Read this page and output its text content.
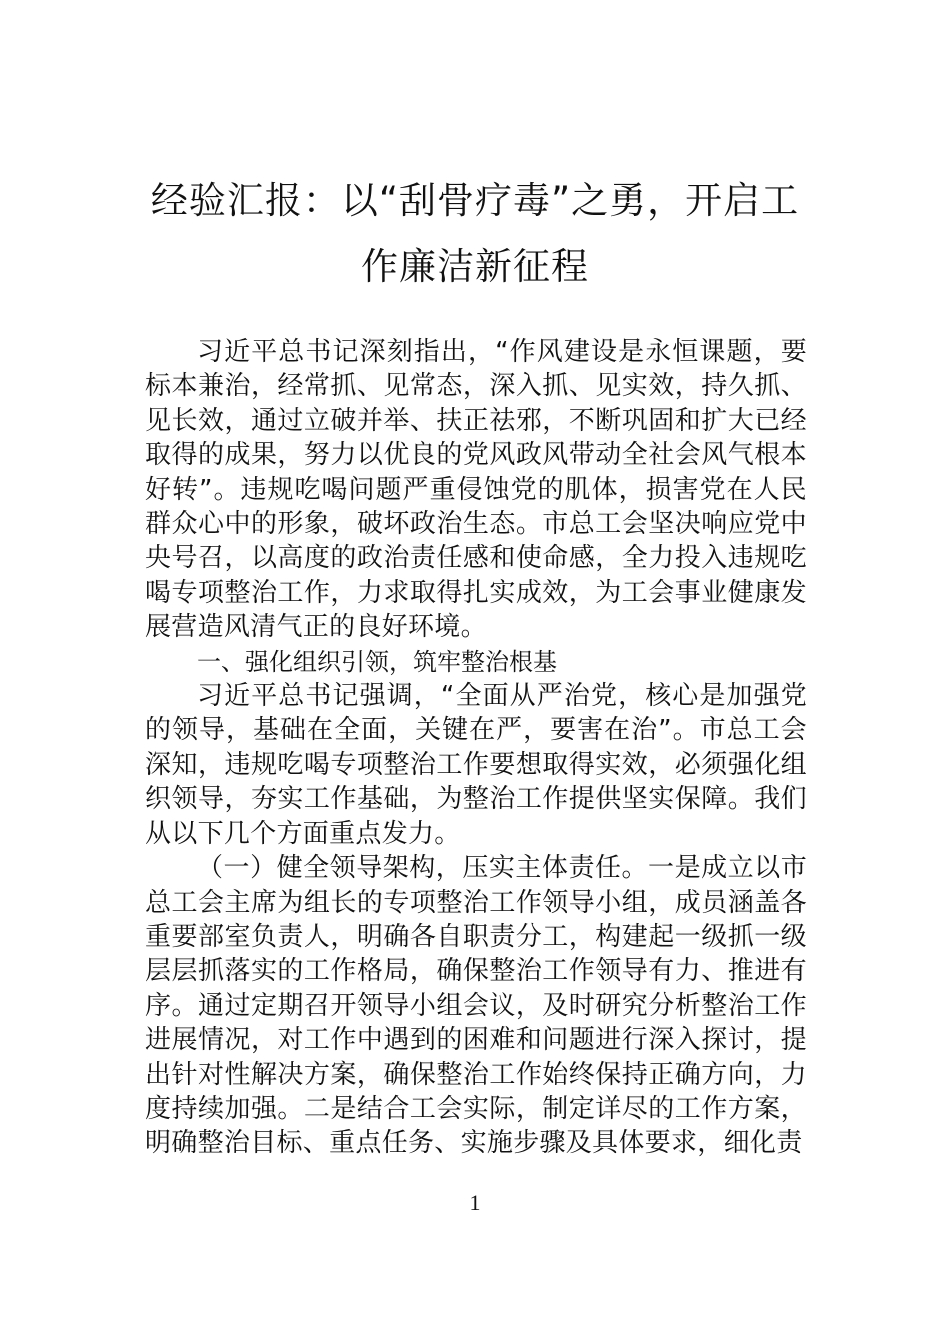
经验汇报：以“刮骨疗毒”之勇，开启工作廉洁新征程

习近平总书记深刻指出，“作风建设是永恒课题，要标本兼治，经常抓、见常态，深入抓、见实效，持久抓、见长效，通过立破并举、扶正祛邪，不断巩固和扩大已经取得的成果，努力以优良的党风政风带动全社会风气根本好转”。违规吃喝问题严重侵蚀党的肌体，损害党在人民群众心中的形象，破坏政治生态。市总工会坚决响应党中央号召，以高度的政治责任感和使命感，全力投入违规吃喝专项整治工作，力求取得扎实成效，为工会事业健康发展营造风清气正的良好环境。

一、强化组织引领，筑牢整治根基

习近平总书记强调，“全面从严治党，核心是加强党的领导，基础在全面，关键在严，要害在治”。市总工会深知，违规吃喝专项整治工作要想取得实效，必须强化组织领导，夯实工作基础，为整治工作提供坚实保障。我们从以下几个方面重点发力。

（一）健全领导架构，压实主体责任。一是成立以市总工会主席为组长的专项整治工作领导小组，成员涵盖各重要部室负责人，明确各自职责分工，构建起一级抓一级层层抓落实的工作格局，确保整治工作领导有力、推进有序。通过定期召开领导小组会议，及时研究分析整治工作进展情况，对工作中遇到的困难和问题进行深入探讨，提出针对性解决方案，确保整治工作始终保持正确方向，力度持续加强。二是结合工会实际，制定详尽的工作方案，明确整治目标、重点任务、实施步骤及具体要求，细化责

1
